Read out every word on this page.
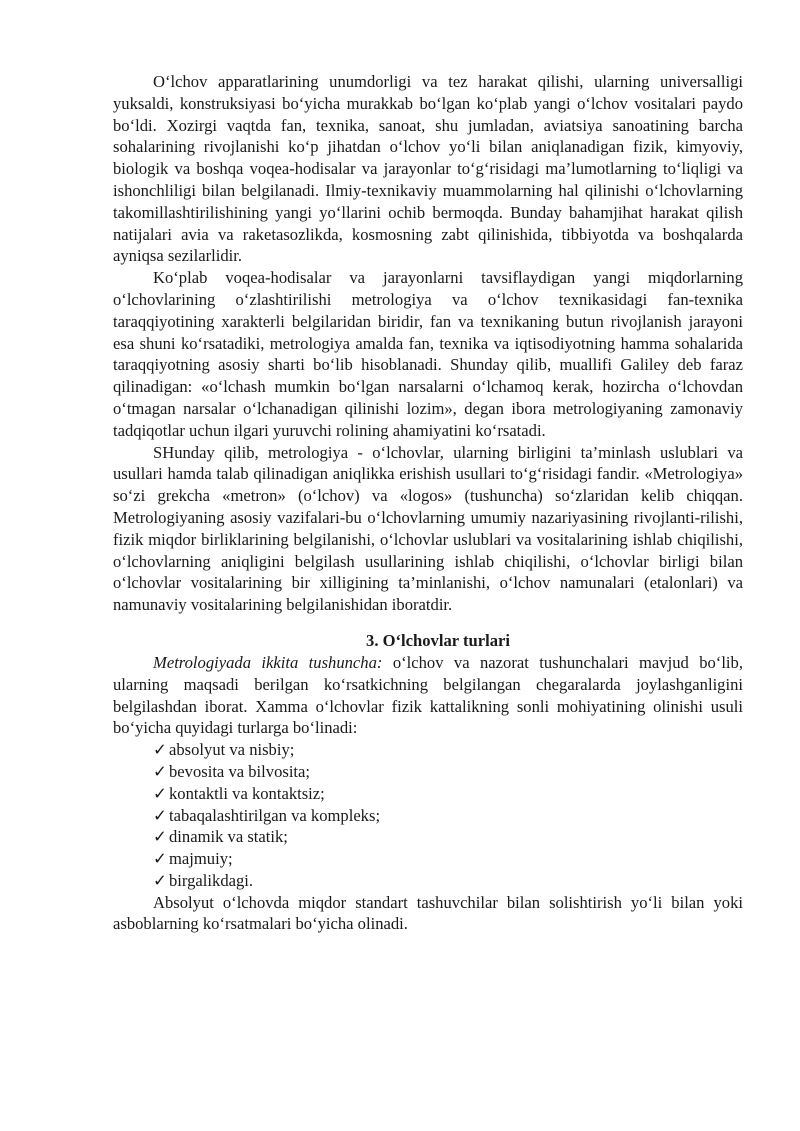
O‘lchov apparatlarining unumdorligi va tez harakat qilishi, ularning universalligi yuksaldi, konstruksiyasi bo‘yicha murakkab bo‘lgan ko‘plab yangi o‘lchov vositalari paydo bo‘ldi. Xozirgi vaqtda fan, texnika, sanoat, shu jumladan, aviatsiya sanoatining barcha sohalarining rivojlanishi ko‘p jihatdan o‘lchov yo‘li bilan aniqlanadigan fizik, kimyoviy, biologik va boshqa voqea-hodisalar va jarayonlar to‘g‘risidagi ma’lumotlarning to‘liqligi va ishonchliligi bilan belgilanadi. Ilmiy-texnikaviy muammolarning hal qilinishi o‘lchovlarning takomillashtirilishining yangi yo‘llarini ochib bermoqda. Bunday bahamjihat harakat qilish natijalari avia va raketasozlikda, kosmosning zabt qilinishida, tibbiyotda va boshqalarda ayniqsa sezilarlidir.

Ko‘plab voqea-hodisalar va jarayonlarni tavsiflaydigan yangi miqdorlarning o‘lchovlarining o‘zlashtirilishi metrologiya va o‘lchov texnikasidagi fan-texnika taraqqiyotining xarakterli belgilaridan biridir, fan va texnikaning butun rivojlanish jarayoni esa shuni ko‘rsatadiki, metrologiya amalda fan, texnika va iqtisodiyotning hamma sohalarida taraqqiyotning asosiy sharti bo‘lib hisoblanadi. Shunday qilib, muallifi Galiley deb faraz qilinadigan: «o‘lchash mumkin bo‘lgan narsalarni o‘lchamoq kerak, hozircha o‘lchovdan o‘tmagan narsalar o‘lchanadigan qilinishi lozim», degan ibora metrologiyaning zamonaviy tadqiqotlar uchun ilgari yuruvchi rolining ahamiyatini ko‘rsatadi.

SHunday qilib, metrologiya - o‘lchovlar, ularning birligini ta’minlash uslublari va usullari hamda talab qilinadigan aniqlikka erishish usullari to‘g‘risidagi fandir. «Metrologiya» so‘zi grekcha «metron» (o‘lchov) va «logos» (tushuncha) so‘zlaridan kelib chiqqan. Metrologiyaning asosiy vazifalari-bu o‘lchovlarning umumiy nazariyasining rivojlanti-rilishi, fizik miqdor birliklarining belgilanishi, o‘lchovlar uslublari va vositalarining ishlab chiqilishi, o‘lchovlarning aniqligini belgilash usullarining ishlab chiqilishi, o‘lchovlar birligi bilan o‘lchovlar vositalarining bir xilligining ta’minlanishi, o‘lchov namunalari (etalonlari) va namunaviy vositalarining belgilanishidan iboratdir.

3. O‘lchovlar turlari

Metrologiyada ikkita tushuncha: o‘lchov va nazorat tushunchalari mavjud bo‘lib, ularning maqsadi berilgan ko‘rsatkichning belgilangan chegaralarda joylashganligini belgilashdan iborat. Xamma o‘lchovlar fizik kattalikning sonli mohiyatining olinishi usuli bo‘yicha quyidagi turlarga bo‘linadi:

✓ absolyut va nisbiy;
✓ bevosita va bilvosita;
✓ kontaktli va kontaktsiz;
✓ tabaqalashtirilgan va kompleks;
✓ dinamik va statik;
✓ majmuiy;
✓ birgalikdagi.

Absolyut o‘lchovda miqdor standart tashuvchilar bilan solishtirish yo‘li bilan yoki asboblarning ko‘rsatmalari bo‘yicha olinadi.
